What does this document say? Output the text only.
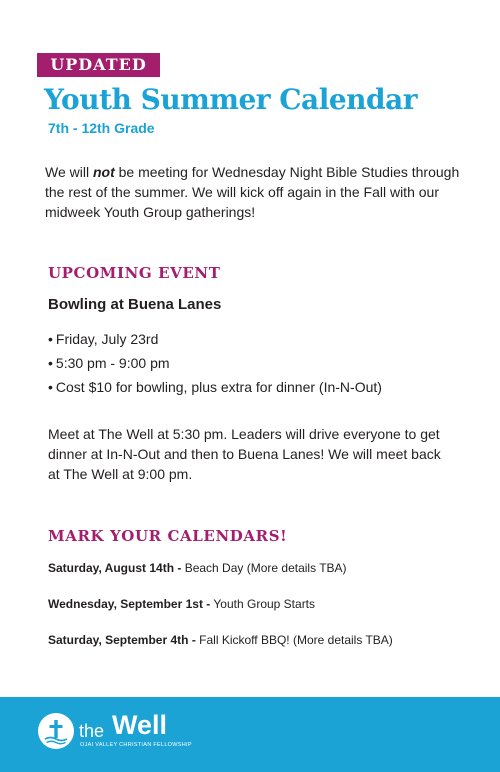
UPDATED
Youth Summer Calendar
7th - 12th Grade

We will not be meeting for Wednesday Night Bible Studies through the rest of the summer. We will kick off again in the Fall with our midweek Youth Group gatherings!

UPCOMING EVENT
Bowling at Buena Lanes
• Friday, July 23rd
• 5:30 pm - 9:00 pm
• Cost $10 for bowling, plus extra for dinner (In-N-Out)

Meet at The Well at 5:30 pm. Leaders will drive everyone to get dinner at In-N-Out and then to Buena Lanes! We will meet back at The Well at 9:00 pm.

MARK YOUR CALENDARS!
Saturday, August 14th - Beach Day (More details TBA)
Wednesday, September 1st - Youth Group Starts
Saturday, September 4th - Fall Kickoff BBQ! (More details TBA)
the Well
OJAI VALLEY CHRISTIAN FELLOWSHIP
